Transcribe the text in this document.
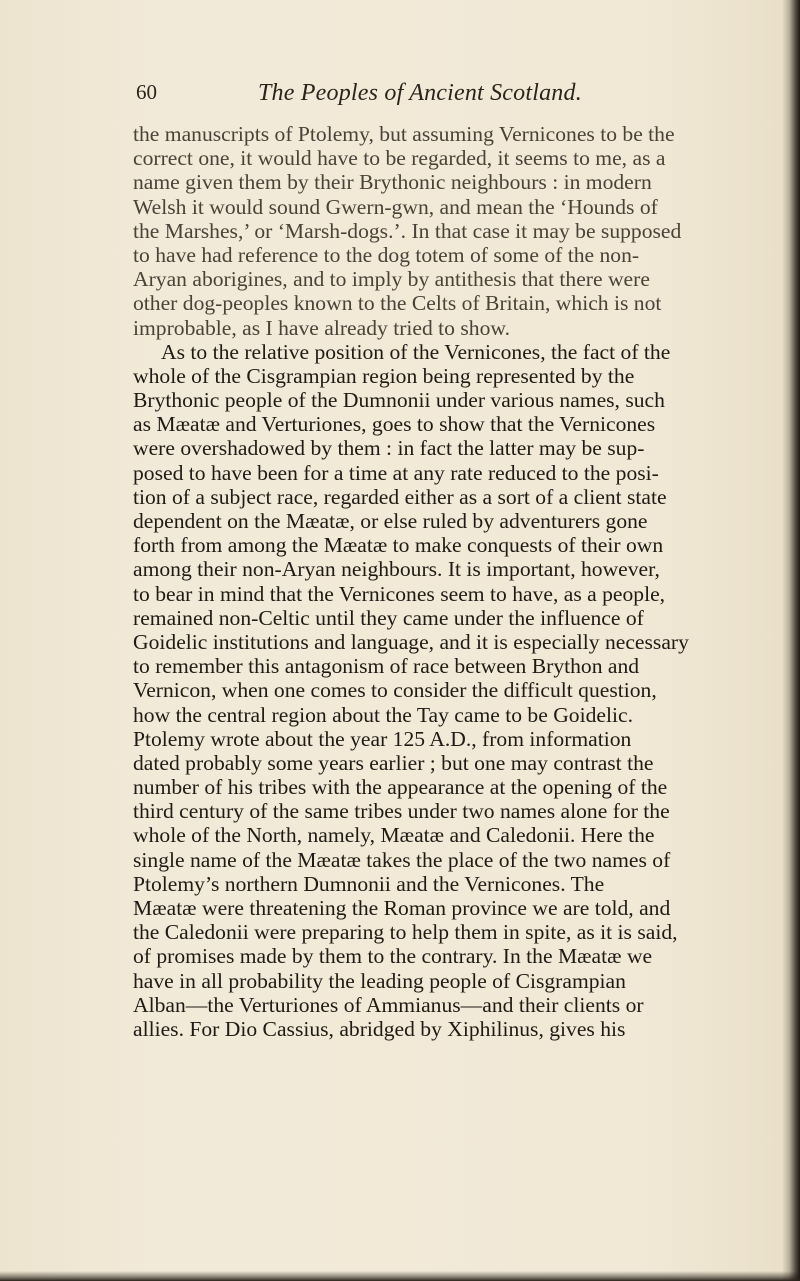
60	The Peoples of Ancient Scotland.
the manuscripts of Ptolemy, but assuming Vernicones to be the
correct one, it would have to be regarded, it seems to me, as a
name given them by their Brythonic neighbours : in modern
Welsh it would sound Gwern-gwn, and mean the ‘Hounds of
the Marshes,’ or ‘Marsh-dogs.’. In that case it may be supposed
to have had reference to the dog totem of some of the non-
Aryan aborigines, and to imply by antithesis that there were
other dog-peoples known to the Celts of Britain, which is not
improbable, as I have already tried to show.
As to the relative position of the Vernicones, the fact of the
whole of the Cisgrampian region being represented by the
Brythonic people of the Dumnonii under various names, such
as Mæatæ and Verturiones, goes to show that the Vernicones
were overshadowed by them : in fact the latter may be sup-
posed to have been for a time at any rate reduced to the posi-
tion of a subject race, regarded either as a sort of a client state
dependent on the Mæatæ, or else ruled by adventurers gone
forth from among the Mæatæ to make conquests of their own
among their non-Aryan neighbours. It is important, however,
to bear in mind that the Vernicones seem to have, as a people,
remained non-Celtic until they came under the influence of
Goidelic institutions and language, and it is especially necessary
to remember this antagonism of race between Brython and
Vernicon, when one comes to consider the difficult question,
how the central region about the Tay came to be Goidelic.
Ptolemy wrote about the year 125 A.D., from information
dated probably some years earlier ; but one may contrast the
number of his tribes with the appearance at the opening of the
third century of the same tribes under two names alone for the
whole of the North, namely, Mæatæ and Caledonii. Here the
single name of the Mæatæ takes the place of the two names of
Ptolemy’s northern Dumnonii and the Vernicones. The
Mæatæ were threatening the Roman province we are told, and
the Caledonii were preparing to help them in spite, as it is said,
of promises made by them to the contrary. In the Mæatæ we
have in all probability the leading people of Cisgrampian
Alban—the Verturiones of Ammianus—and their clients or
allies. For Dio Cassius, abridged by Xiphilinus, gives his
